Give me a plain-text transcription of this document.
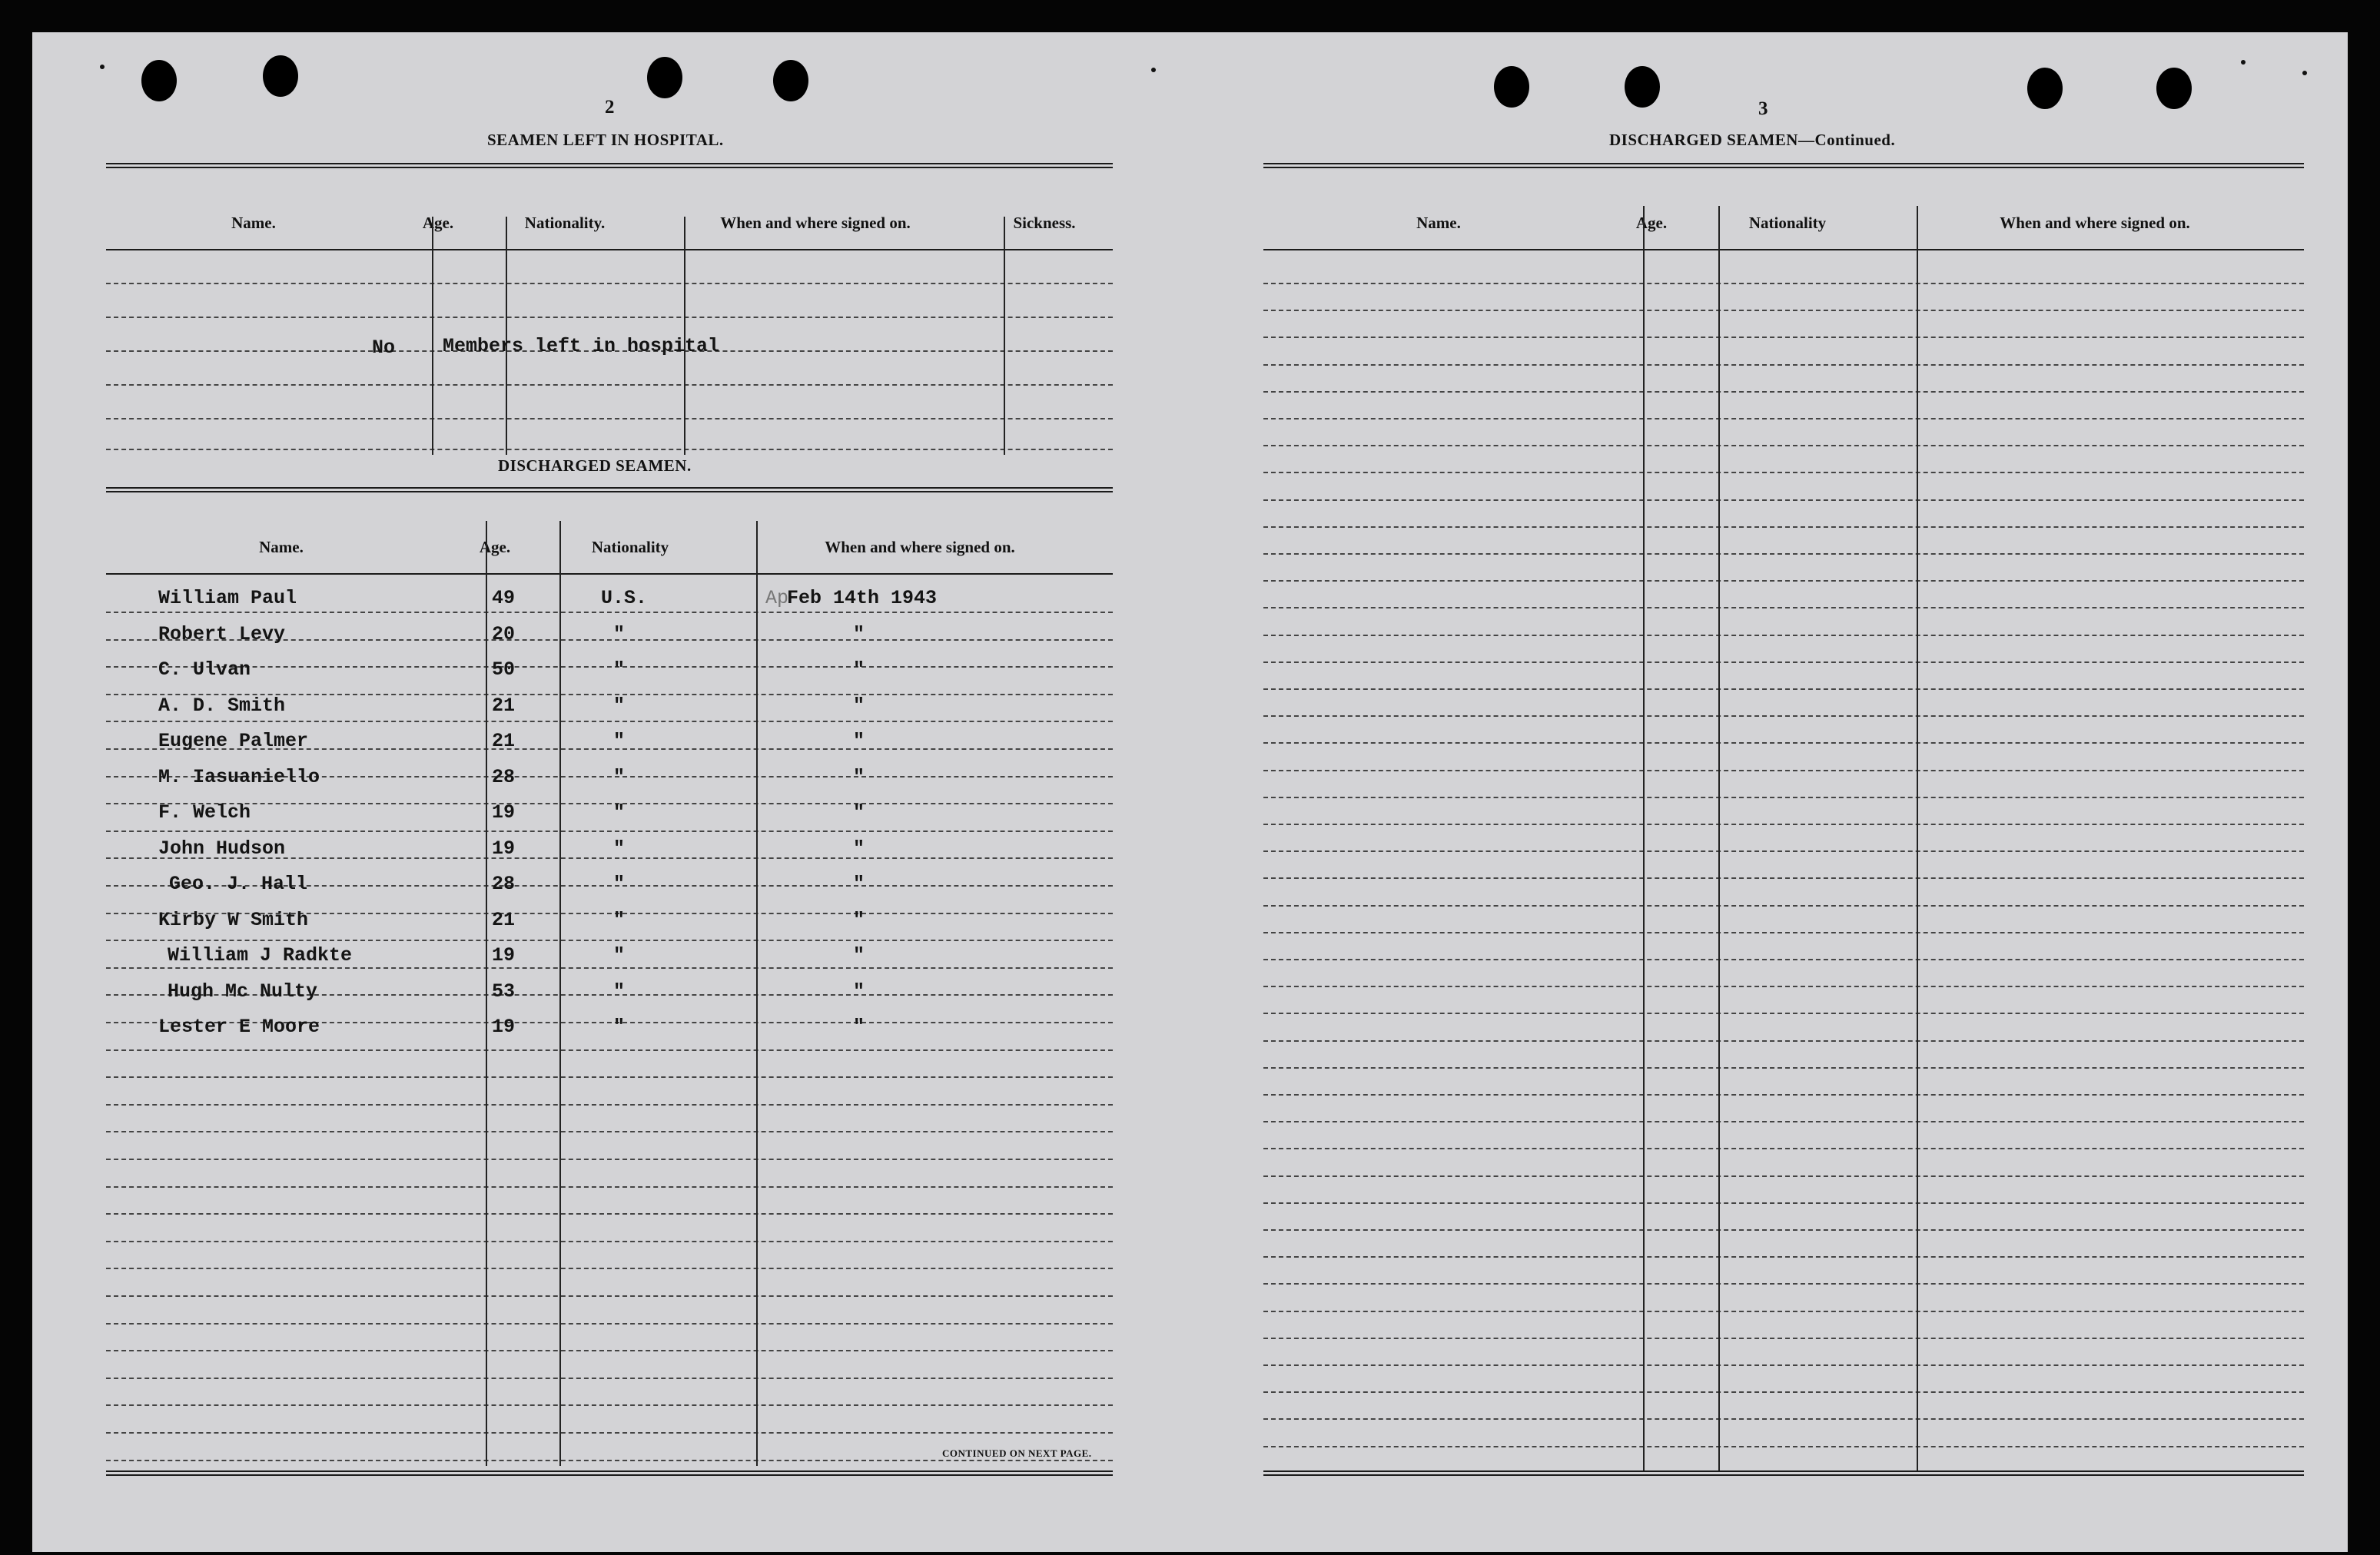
2
SEAMEN LEFT IN HOSPITAL.
Name.	Age.	Nationality.	When and where signed on.	Sickness.
No Members left in hospital
DISCHARGED SEAMEN.
Name.	Age.	Nationality	When and where signed on.
Ap
William Paul	49	U.S.	Feb 14th 1943
Robert Levy	20	"	"
C. Ulvan	50	"	"
A. D. Smith	21	"	"
Eugene Palmer	21	"	"
M. Iasuaniello	28	"	"
F. Welch	19	"	"
John Hudson	19	"	"
Geo. J. Hall	28	"	"
Kirby W Smith	21	"	"
William J Radkte	19	"	"
Hugh Mc Nulty	53	"	"
Lester E Moore	19	"	"
CONTINUED ON NEXT PAGE.
3
DISCHARGED SEAMEN—Continued.
Name.	Age.	Nationality	When and where signed on.
